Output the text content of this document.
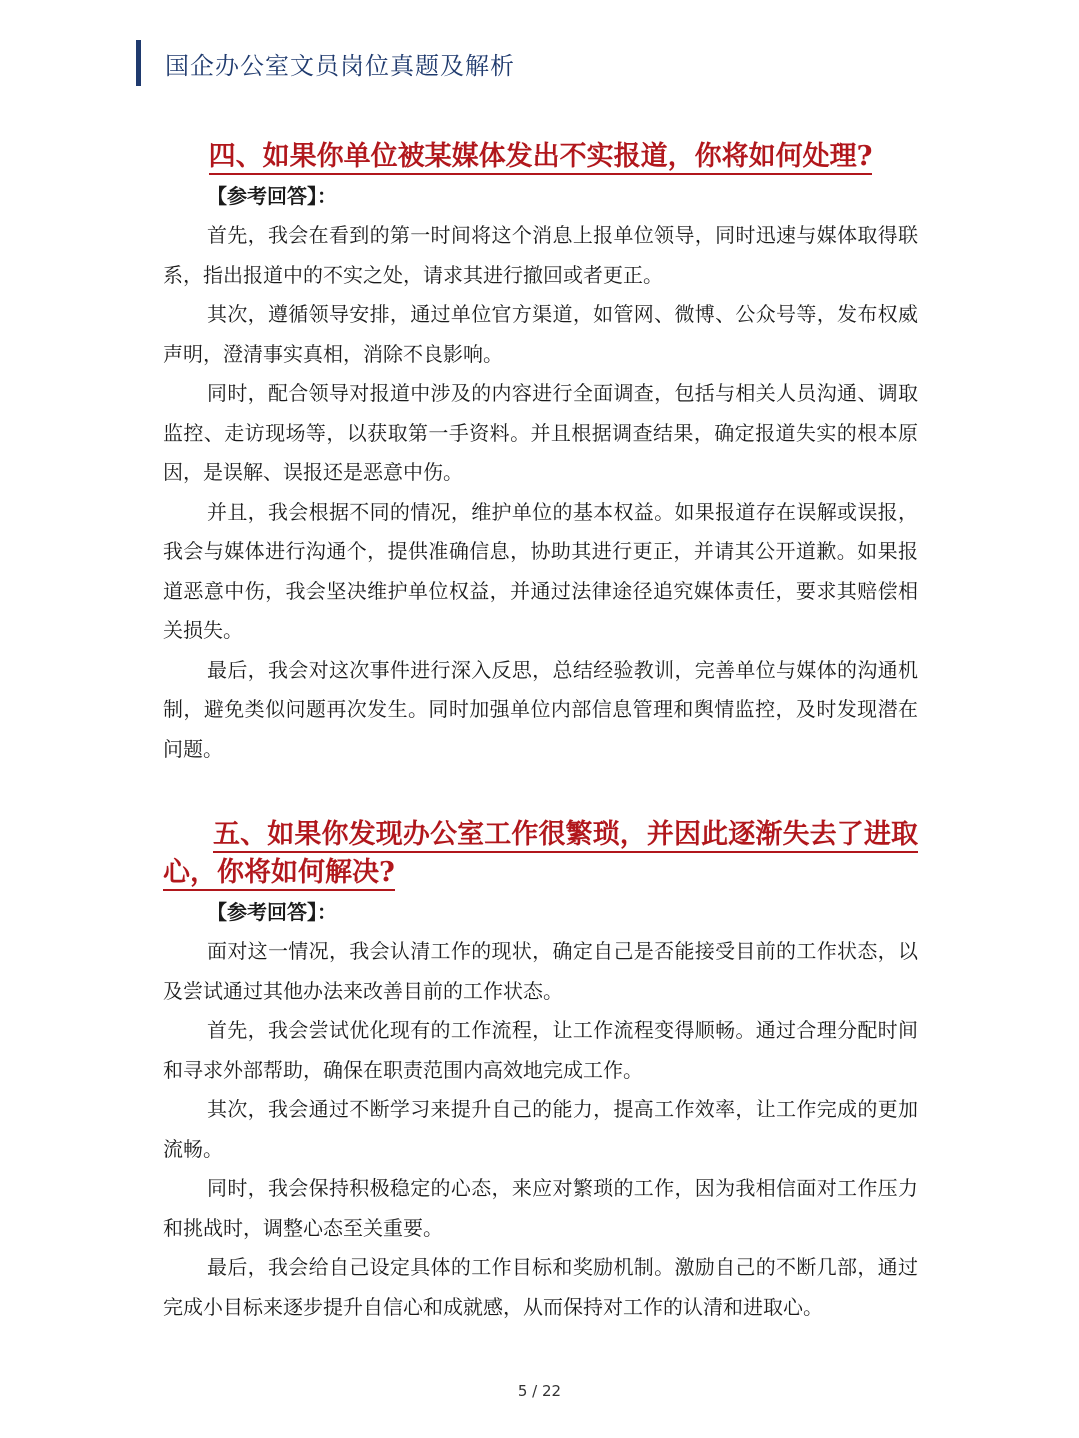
国企办公室文员岗位真题及解析
四、如果你单位被某媒体发出不实报道，你将如何处理?

【参考回答】：

首先，我会在看到的第一时间将这个消息上报单位领导，同时迅速与媒体取得联系，指出报道中的不实之处，请求其进行撤回或者更正。

其次，遵循领导安排，通过单位官方渠道，如管网、微博、公众号等，发布权威声明，澄清事实真相，消除不良影响。

同时，配合领导对报道中涉及的内容进行全面调查，包括与相关人员沟通、调取监控、走访现场等，以获取第一手资料。并且根据调查结果，确定报道失实的根本原因，是误解、误报还是恶意中伤。

并且，我会根据不同的情况，维护单位的基本权益。如果报道存在误解或误报，我会与媒体进行沟通个，提供准确信息，协助其进行更正，并请其公开道歉。如果报道恶意中伤，我会坚决维护单位权益，并通过法律途径追究媒体责任，要求其赔偿相关损失。

最后，我会对这次事件进行深入反思，总结经验教训，完善单位与媒体的沟通机制，避免类似问题再次发生。同时加强单位内部信息管理和舆情监控，及时发现潜在问题。

五、如果你发现办公室工作很繁琐，并因此逐渐失去了进取心，你将如何解决?

【参考回答】：

面对这一情况，我会认清工作的现状，确定自己是否能接受目前的工作状态，以及尝试通过其他办法来改善目前的工作状态。

首先，我会尝试优化现有的工作流程，让工作流程变得顺畅。通过合理分配时间和寻求外部帮助，确保在职责范围内高效地完成工作。

其次，我会通过不断学习来提升自己的能力，提高工作效率，让工作完成的更加流畅。

同时，我会保持积极稳定的心态，来应对繁琐的工作，因为我相信面对工作压力和挑战时，调整心态至关重要。

最后，我会给自己设定具体的工作目标和奖励机制。激励自己的不断几部，通过完成小目标来逐步提升自信心和成就感，从而保持对工作的认清和进取心。

5 / 22
